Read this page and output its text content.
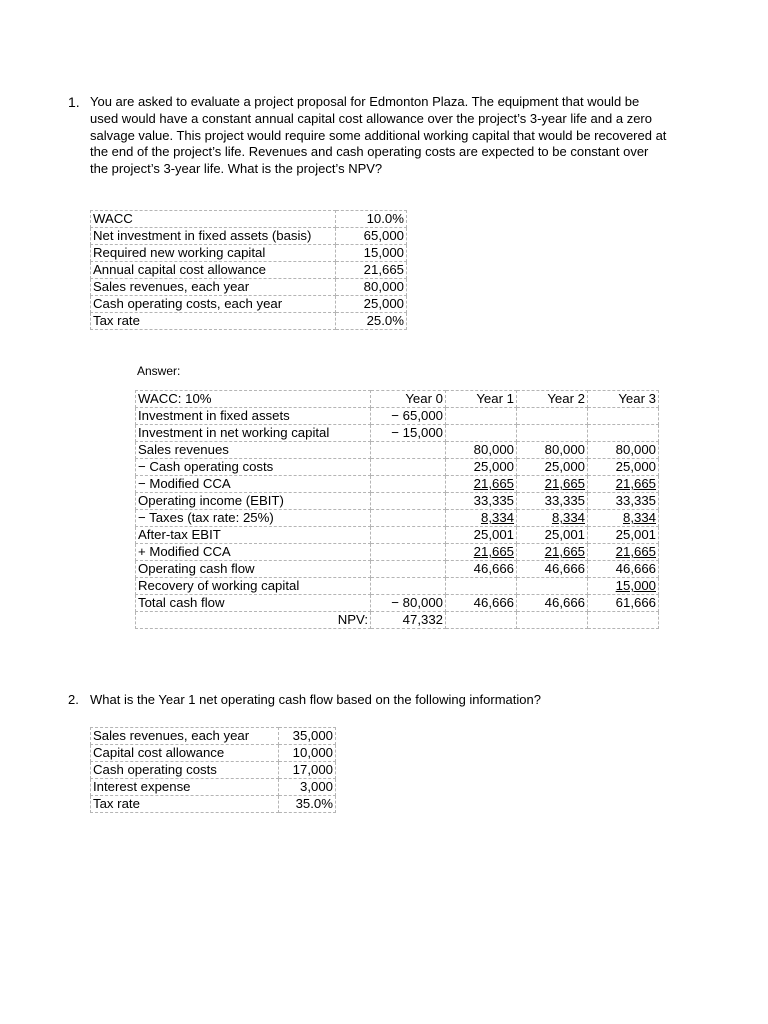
1. You are asked to evaluate a project proposal for Edmonton Plaza. The equipment that would be used would have a constant annual capital cost allowance over the project’s 3-year life and a zero salvage value. This project would require some additional working capital that would be recovered at the end of the project’s life. Revenues and cash operating costs are expected to be constant over the project’s 3-year life. What is the project’s NPV?
WACC	10.0%
Net investment in fixed assets (basis)	65,000
Required new working capital	15,000
Annual capital cost allowance	21,665
Sales revenues, each year	80,000
Cash operating costs, each year	25,000
Tax rate	25.0%
Answer:
WACC: 10%	Year 0	Year 1	Year 2	Year 3
Investment in fixed assets	− 65,000			
Investment in net working capital	− 15,000			
Sales revenues		80,000	80,000	80,000
− Cash operating costs		25,000	25,000	25,000
− Modified CCA		21,665	21,665	21,665
Operating income (EBIT)		33,335	33,335	33,335
− Taxes (tax rate: 25%)		8,334	8,334	8,334
After-tax EBIT		25,001	25,001	25,001
+ Modified CCA		21,665	21,665	21,665
Operating cash flow		46,666	46,666	46,666
Recovery of working capital				15,000
Total cash flow	− 80,000	46,666	46,666	61,666
NPV:	47,332			
2. What is the Year 1 net operating cash flow based on the following information?
Sales revenues, each year	35,000
Capital cost allowance	10,000
Cash operating costs	17,000
Interest expense	3,000
Tax rate	35.0%
